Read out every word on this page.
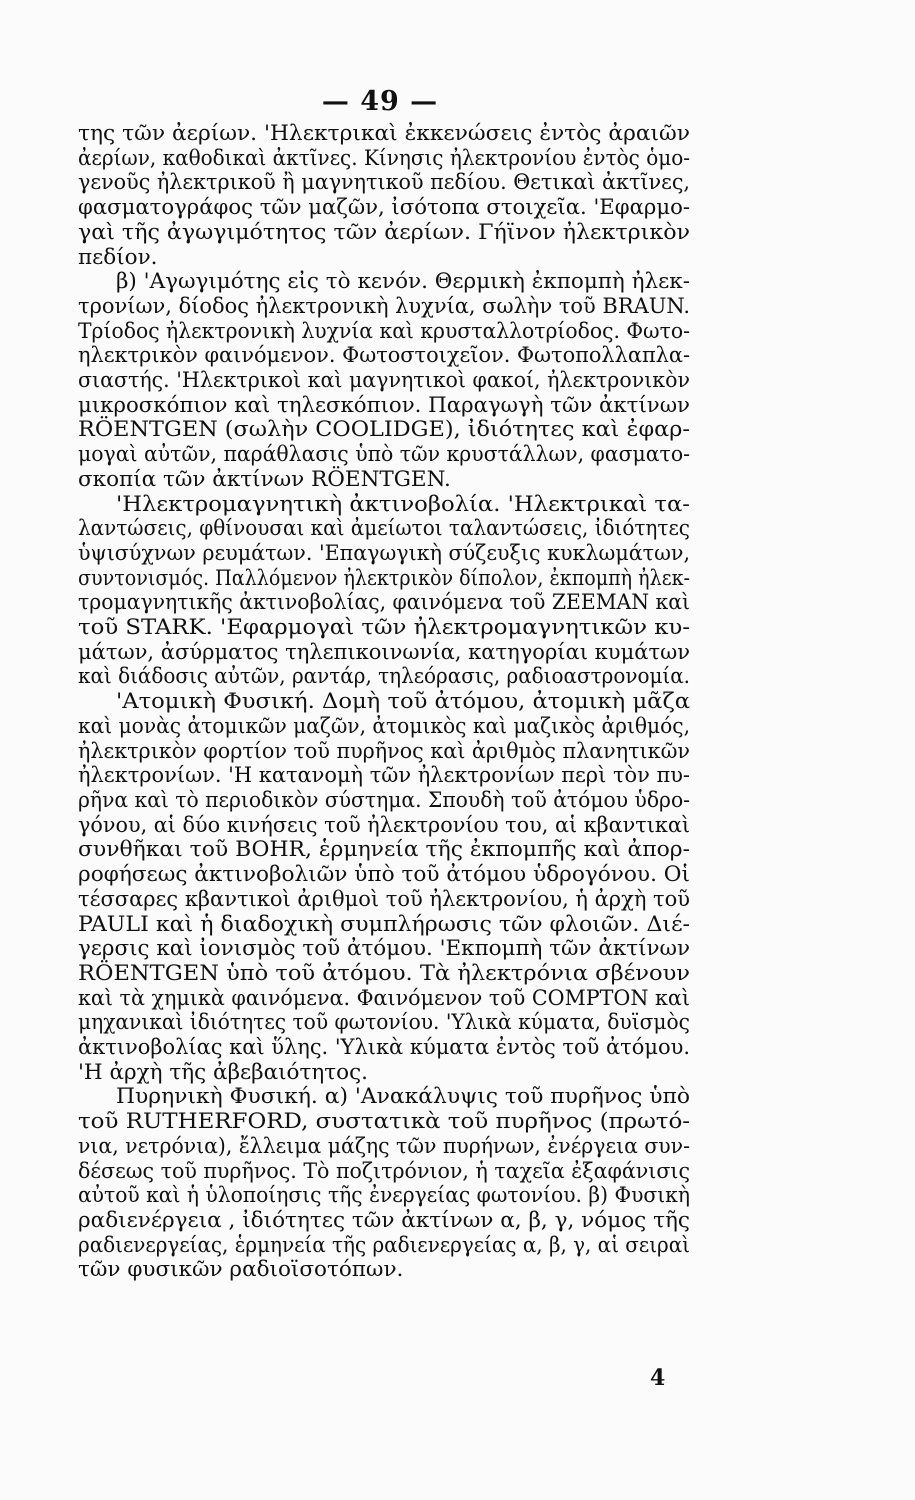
— 49 —
της τῶν ἀερίων. 'Ηλεκτρικαὶ ἐκκενώσεις ἐντὸς ἀραιῶν
ἀερίων, καθοδικαὶ ἀκτῖνες. Κίνησις ἠλεκτρονίου ἐντὸς ὁμο-
γενοῦς ἠλεκτρικοῦ ἢ μαγνητικοῦ πεδίου. Θετικαὶ ἀκτῖνες,
φασματογράφος τῶν μαζῶν, ἰσότοπα στοιχεῖα. 'Εφαρμο-
γαὶ τῆς ἀγωγιμότητος τῶν ἀερίων. Γήϊνον ἠλεκτρικὸν
πεδίον.
β) 'Αγωγιμότης εἰς τὸ κενόν. Θερμικὴ ἐκπομπὴ ἠλεκ-
τρονίων, δίοδος ἠλεκτρονικὴ λυχνία, σωλὴν τοῦ BRAUN.
Τρίοδος ἠλεκτρονικὴ λυχνία καὶ κρυσταλλοτρίοδος. Φωτο-
ηλεκτρικὸν φαινόμενον. Φωτοστοιχεῖον. Φωτοπολλαπλα-
σιαστής. 'Ηλεκτρικοὶ καὶ μαγνητικοὶ φακοί, ἠλεκτρονικὸν
μικροσκόπιον καὶ τηλεσκόπιον. Παραγωγὴ τῶν ἀκτίνων
RÖENTGEN (σωλὴν COOLIDGE), ἰδιότητες καὶ ἐφαρ-
μογαὶ αὐτῶν, παράθλασις ὑπὸ τῶν κρυστάλλων, φασματο-
σκοπία τῶν ἀκτίνων RÖENTGEN.
'Ηλεκτρομαγνητικὴ ἀκτινοβολία. 'Ηλεκτρικαὶ τα-
λαντώσεις, φθίνουσαι καὶ ἀμείωτοι ταλαντώσεις, ἰδιότητες
ὑψισύχνων ρευμάτων. 'Επαγωγικὴ σύζευξις κυκλωμάτων,
συντονισμός. Παλλόμενον ἠλεκτρικὸν δίπολον, ἐκπομπὴ ἠλεκ-
τρομαγνητικῆς ἀκτινοβολίας, φαινόμενα τοῦ ZEEMAN καὶ
τοῦ STARK. 'Εφαρμογαὶ τῶν ἠλεκτρομαγνητικῶν κυ-
μάτων, ἀσύρματος τηλεπικοινωνία, κατηγορίαι κυμάτων
καὶ διάδοσις αὐτῶν, ραντάρ, τηλεόρασις, ραδιοαστρονομία.
'Ατομικὴ Φυσική. Δομὴ τοῦ ἀτόμου, ἀτομικὴ μᾶζα
καὶ μονὰς ἀτομικῶν μαζῶν, ἀτομικὸς καὶ μαζικὸς ἀριθμός,
ἠλεκτρικὸν φορτίον τοῦ πυρῆνος καὶ ἀριθμὸς πλανητικῶν
ἠλεκτρονίων. 'Η κατανομὴ τῶν ἠλεκτρονίων περὶ τὸν πυ-
ρῆνα καὶ τὸ περιοδικὸν σύστημα. Σπουδὴ τοῦ ἀτόμου ὑδρο-
γόνου, αἱ δύο κινήσεις τοῦ ἠλεκτρονίου του, αἱ κβαντικαὶ
συνθῆκαι τοῦ BOHR, ἑρμηνεία τῆς ἐκπομπῆς καὶ ἀπορ-
ροφήσεως ἀκτινοβολιῶν ὑπὸ τοῦ ἀτόμου ὑδρογόνου. Οἱ
τέσσαρες κβαντικοὶ ἀριθμοὶ τοῦ ἠλεκτρονίου, ἡ ἀρχὴ τοῦ
PAULI καὶ ἡ διαδοχικὴ συμπλήρωσις τῶν φλοιῶν. Διέ-
γερσις καὶ ἰονισμὸς τοῦ ἀτόμου. 'Εκπομπὴ τῶν ἀκτίνων
RÖENTGEN ὑπὸ τοῦ ἀτόμου. Τὰ ἠλεκτρόνια σβένουν
καὶ τὰ χημικὰ φαινόμενα. Φαινόμενον τοῦ COMPTON καὶ
μηχανικαὶ ἰδιότητες τοῦ φωτονίου. 'Υλικὰ κύματα, δυϊσμὸς
ἀκτινοβολίας καὶ ὕλης. 'Υλικὰ κύματα ἐντὸς τοῦ ἀτόμου.
'Η ἀρχὴ τῆς ἀβεβαιότητος.
Πυρηνικὴ Φυσική. α) 'Ανακάλυψις τοῦ πυρῆνος ὑπὸ
τοῦ RUTHERFORD, συστατικὰ τοῦ πυρῆνος (πρωτό-
νια, νετρόνια), ἔλλειμα μάζης τῶν πυρήνων, ἐνέργεια συν-
δέσεως τοῦ πυρῆνος. Τὸ ποζιτρόνιον, ἡ ταχεῖα ἐξαφάνισις
αὐτοῦ καὶ ἡ ὑλοποίησις τῆς ἐνεργείας φωτονίου. β) Φυσικὴ
ραδιενέργεια , ἰδιότητες τῶν ἀκτίνων α, β, γ, νόμος τῆς
ραδιενεργείας, ἑρμηνεία τῆς ραδιενεργείας α, β, γ, αἱ σειραὶ
τῶν φυσικῶν ραδιοϊσοτόπων.
4
